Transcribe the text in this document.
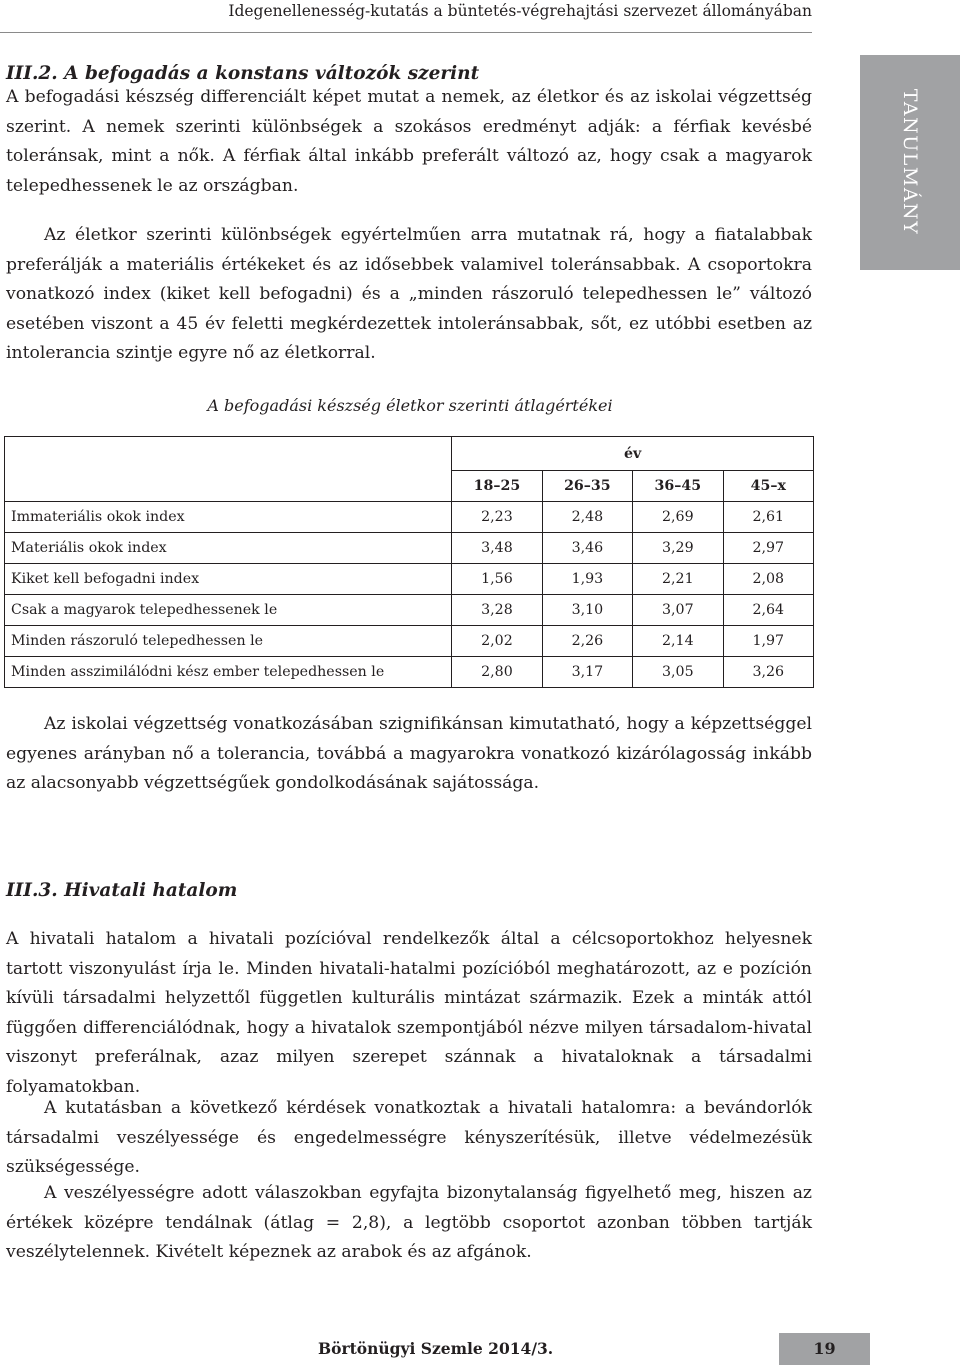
Idegenellenesség-kutatás a büntetés-végrehajtási szervezet állományában
TANULMÁNY
III.2. A befogadás a konstans változók szerint

A befogadási készség differenciált képet mutat a nemek, az életkor és az iskolai végzettség szerint. A nemek szerinti különbségek a szokásos eredményt adják: a férfiak kevésbé toleránsak, mint a nők. A férfiak által inkább preferált változó az, hogy csak a magyarok telepedhessenek le az országban.

Az életkor szerinti különbségek egyértelműen arra mutatnak rá, hogy a fiatalabbak preferálják a materiális értékeket és az idősebbek valamivel toleránsabbak. A csoportokra vonatkozó index (kiket kell befogadni) és a „minden rászoruló telepedhessen le” változó esetében viszont a 45 év feletti megkérdezettek intoleránsabbak, sőt, ez utóbbi esetben az intolerancia szintje egyre nő az életkorral.

A befogadási készség életkor szerinti átlagértékei
	év			
	18–25	26–35	36–45	45–x
Immateriális okok index	2,23	2,48	2,69	2,61
Materiális okok index	3,48	3,46	3,29	2,97
Kiket kell befogadni index	1,56	1,93	2,21	2,08
Csak a magyarok telepedhessenek le	3,28	3,10	3,07	2,64
Minden rászoruló telepedhessen le	2,02	2,26	2,14	1,97
Minden asszimilálódni kész ember telepedhessen le	2,80	3,17	3,05	3,26

Az iskolai végzettség vonatkozásában szignifikánsan kimutatható, hogy a képzettséggel egyenes arányban nő a tolerancia, továbbá a magyarokra vonatkozó kizárólagosság inkább az alacsonyabb végzettségűek gondolkodásának sajátossága.

III.3. Hivatali hatalom

A hivatali hatalom a hivatali pozícióval rendelkezők által a célcsoportokhoz helyesnek tartott viszonyulást írja le. Minden hivatali-hatalmi pozícióból meghatározott, az e pozíción kívüli társadalmi helyzettől független kulturális mintázat származik. Ezek a minták attól függően differenciálódnak, hogy a hivatalok szempontjából nézve milyen társadalom-hivatal viszonyt preferálnak, azaz milyen szerepet szánnak a hivataloknak a társadalmi folyamatokban.

A kutatásban a következő kérdések vonatkoztak a hivatali hatalomra: a bevándorlók társadalmi veszélyessége és engedelmességre kényszerítésük, illetve védelmezésük szükségessége.

A veszélyességre adott válaszokban egyfajta bizonytalanság figyelhető meg, hiszen az értékek középre tendálnak (átlag = 2,8), a legtöbb csoportot azonban többen tartják veszélytelennek. Kivételt képeznek az arabok és az afgánok.

Börtönügyi Szemle 2014/3.	19
